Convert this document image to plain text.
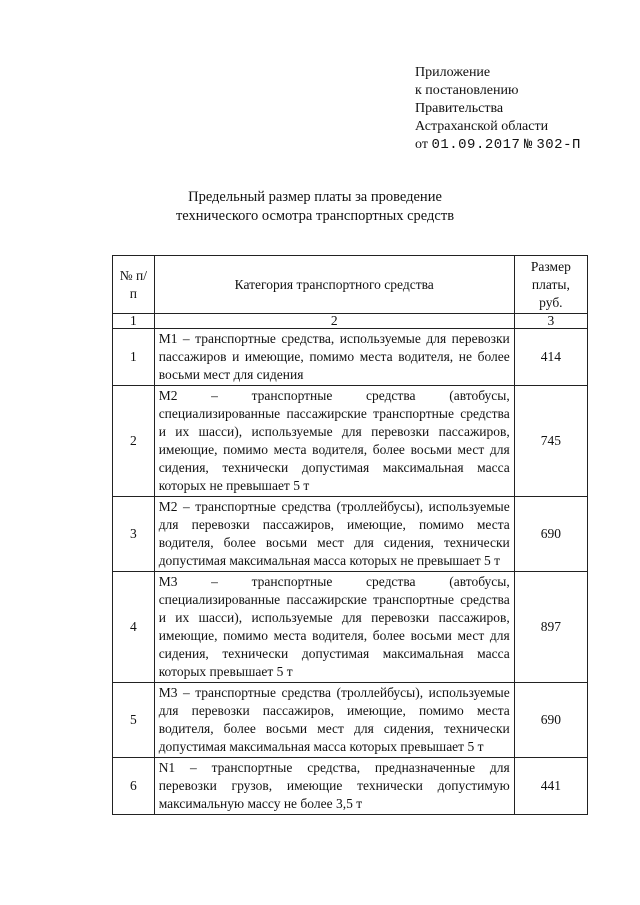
Приложение
к постановлению
Правительства
Астраханской области
от 01.09.2017 № 302-П
Предельный размер платы за проведение
технического осмотра транспортных средств
№ п/п	Категория транспортного средства	Размер платы, руб.
1	2	3
1	M1 – транспортные средства, используемые для перевозки пассажиров и имеющие, помимо места водителя, не более восьми мест для сидения	414
2	M2 – транспортные средства (автобусы, специализированные пассажирские транспортные средства и их шасси), используемые для перевозки пассажиров, имеющие, помимо места водителя, более восьми мест для сидения, технически допустимая максимальная масса которых не превышает 5 т	745
3	M2 – транспортные средства (троллейбусы), используемые для перевозки пассажиров, имеющие, помимо места водителя, более восьми мест для сидения, технически допустимая максимальная масса которых не превышает 5 т	690
4	M3 – транспортные средства (автобусы, специализированные пассажирские транспортные средства и их шасси), используемые для перевозки пассажиров, имеющие, помимо места водителя, более восьми мест для сидения, технически допустимая максимальная масса которых превышает 5 т	897
5	M3 – транспортные средства (троллейбусы), используемые для перевозки пассажиров, имеющие, помимо места водителя, более восьми мест для сидения, технически допустимая максимальная масса которых превышает 5 т	690
6	N1 – транспортные средства, предназначенные для перевозки грузов, имеющие технически допустимую максимальную массу не более 3,5 т	441
